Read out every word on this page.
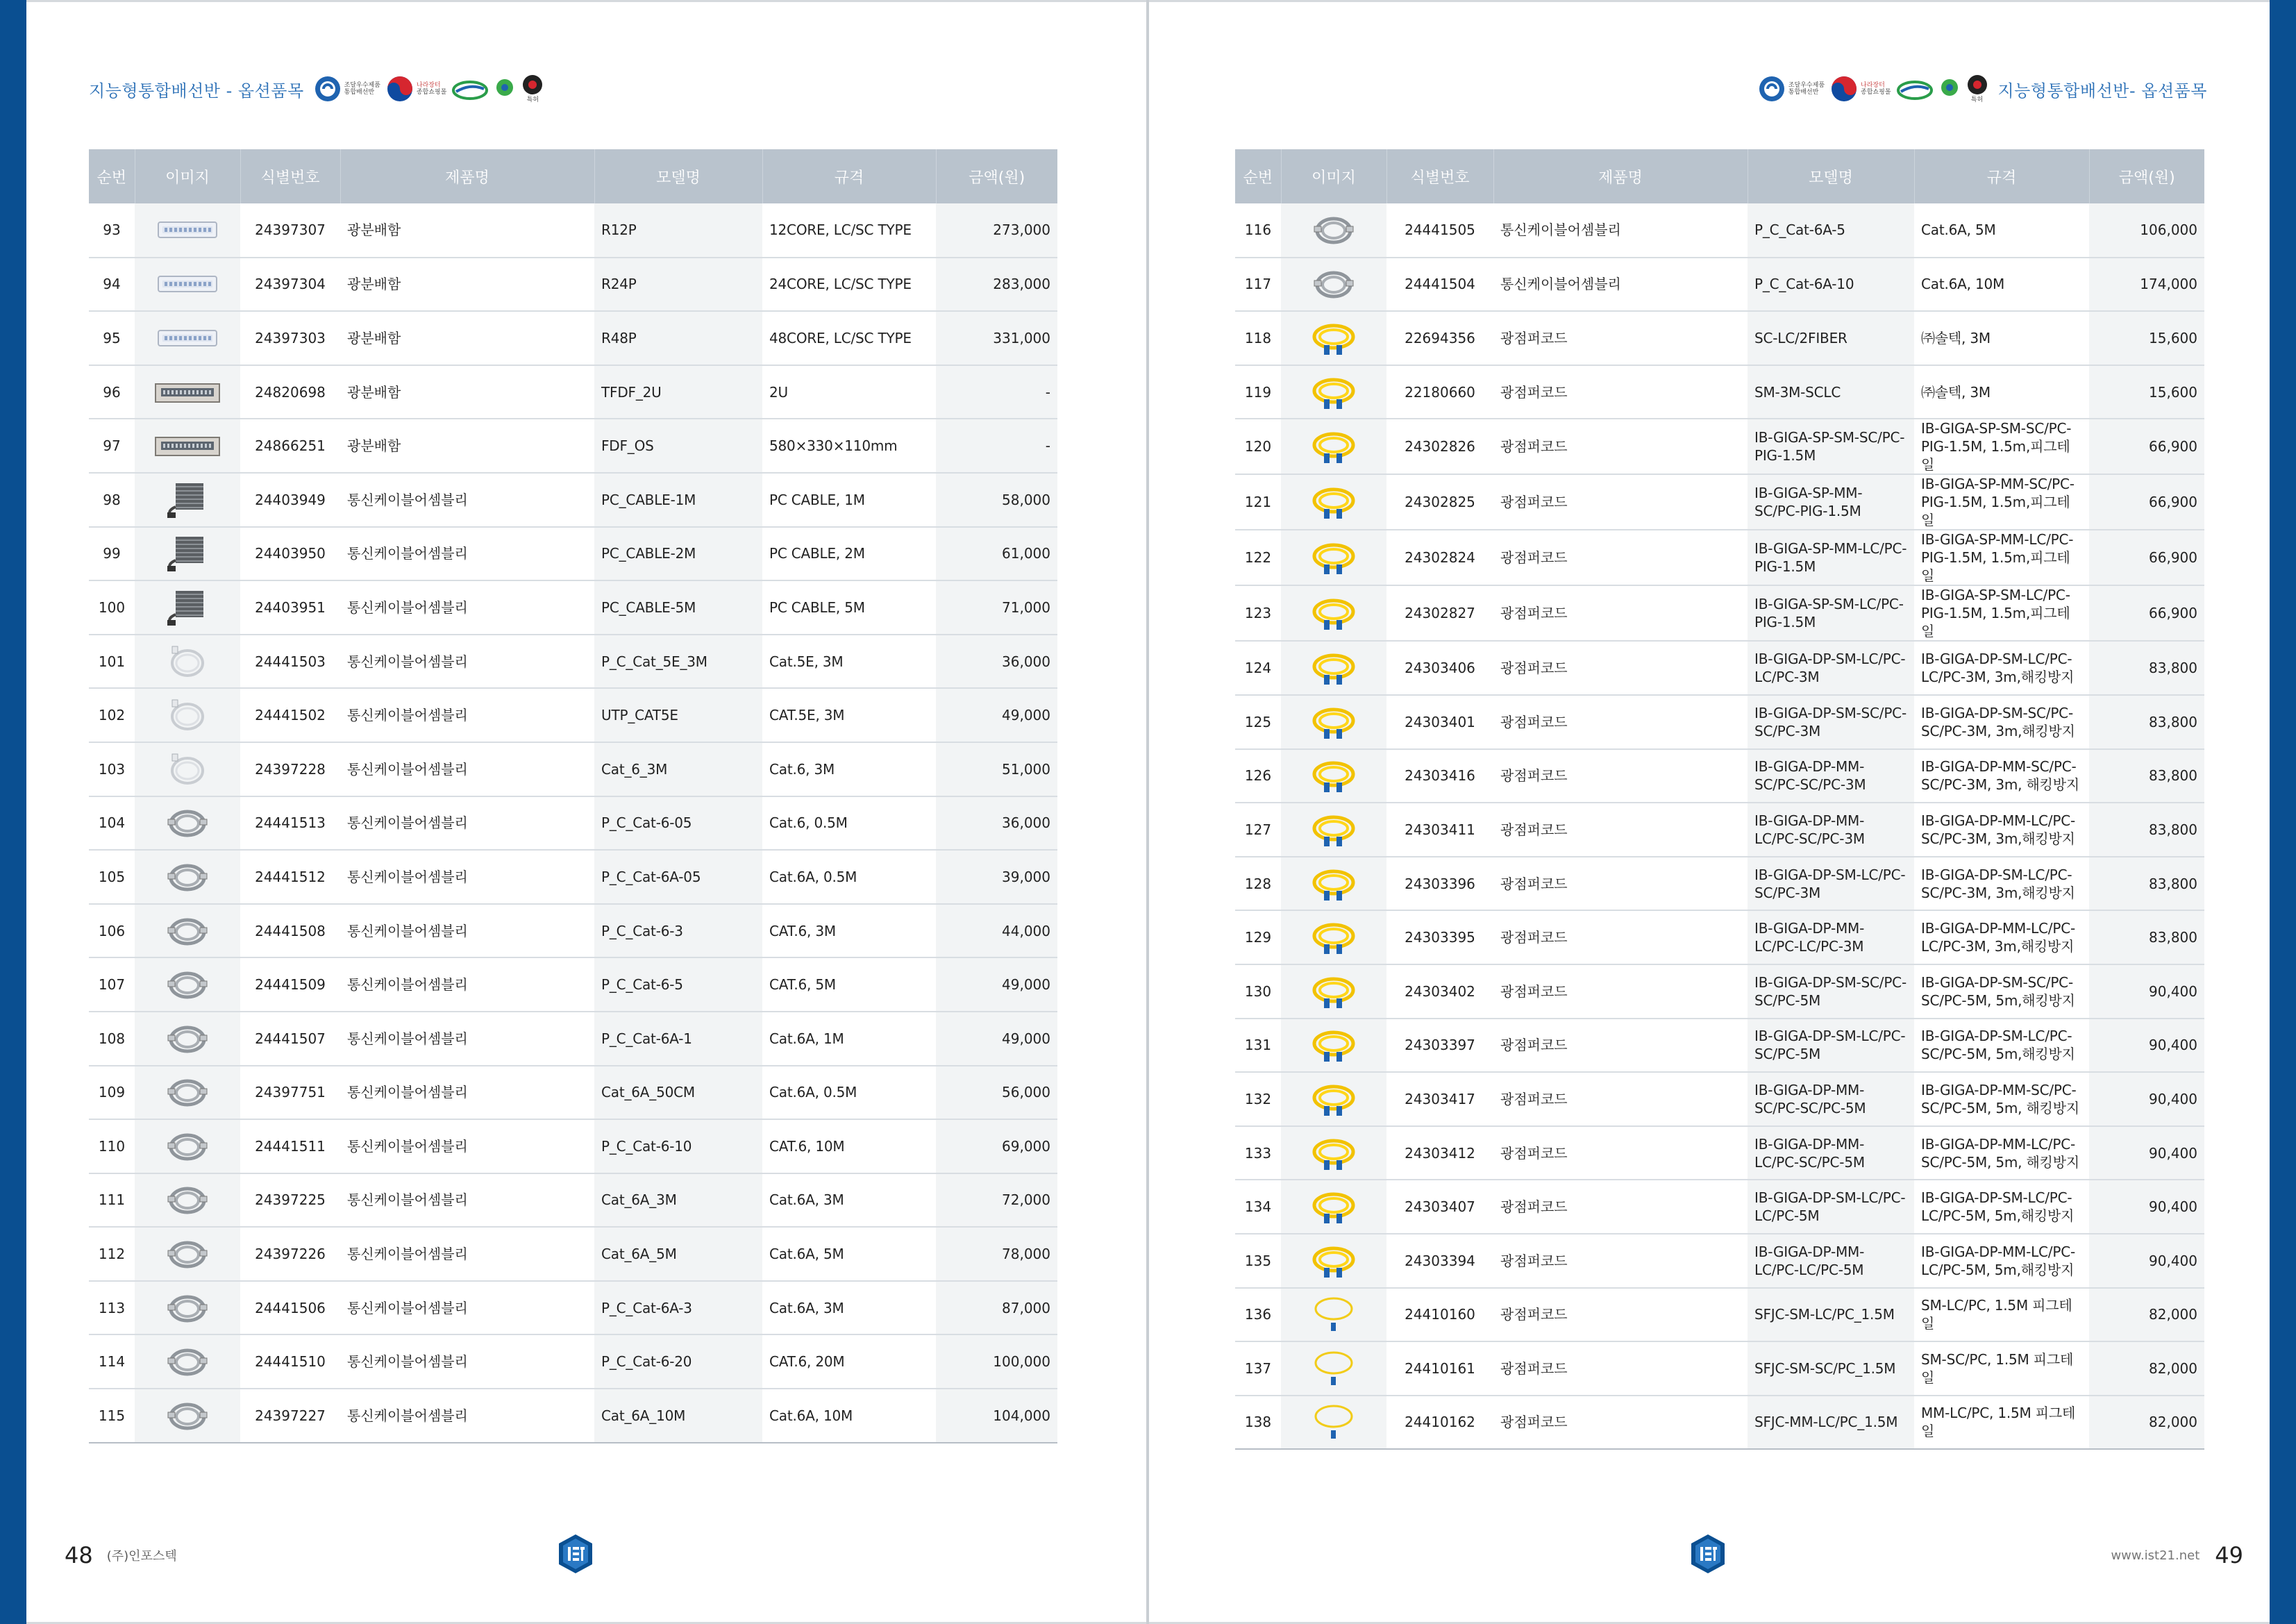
지능형통합배선반 - 옵션품목	조달우수제품
통합배선반
나라장터
종합쇼핑몰
특허
순번	이미지	식별번호	제품명	모델명	규격	금액(원)
93		24397307	광분배함	R12P	12CORE, LC/SC TYPE	273,000
94		24397304	광분배함	R24P	24CORE, LC/SC TYPE	283,000
95		24397303	광분배함	R48P	48CORE, LC/SC TYPE	331,000
96		24820698	광분배함	TFDF_2U	2U	-
97		24866251	광분배함	FDF_OS	580×330×110mm	-
98		24403949	통신케이블어셈블리	PC_CABLE-1M	PC CABLE, 1M	58,000
99		24403950	통신케이블어셈블리	PC_CABLE-2M	PC CABLE, 2M	61,000
100		24403951	통신케이블어셈블리	PC_CABLE-5M	PC CABLE, 5M	71,000
101		24441503	통신케이블어셈블리	P_C_Cat_5E_3M	Cat.5E, 3M	36,000
102		24441502	통신케이블어셈블리	UTP_CAT5E	CAT.5E, 3M	49,000
103		24397228	통신케이블어셈블리	Cat_6_3M	Cat.6, 3M	51,000
104		24441513	통신케이블어셈블리	P_C_Cat-6-05	Cat.6, 0.5M	36,000
105		24441512	통신케이블어셈블리	P_C_Cat-6A-05	Cat.6A, 0.5M	39,000
106		24441508	통신케이블어셈블리	P_C_Cat-6-3	CAT.6, 3M	44,000
107		24441509	통신케이블어셈블리	P_C_Cat-6-5	CAT.6, 5M	49,000
108		24441507	통신케이블어셈블리	P_C_Cat-6A-1	Cat.6A, 1M	49,000
109		24397751	통신케이블어셈블리	Cat_6A_50CM	Cat.6A, 0.5M	56,000
110		24441511	통신케이블어셈블리	P_C_Cat-6-10	CAT.6, 10M	69,000
111		24397225	통신케이블어셈블리	Cat_6A_3M	Cat.6A, 3M	72,000
112		24397226	통신케이블어셈블리	Cat_6A_5M	Cat.6A, 5M	78,000
113		24441506	통신케이블어셈블리	P_C_Cat-6A-3	Cat.6A, 3M	87,000
114		24441510	통신케이블어셈블리	P_C_Cat-6-20	CAT.6, 20M	100,000
115		24397227	통신케이블어셈블리	Cat_6A_10M	Cat.6A, 10M	104,000
48 (주)인포스텍
조달우수제품
통합배선반
나라장터
종합쇼핑몰
특허 지능형통합배선반- 옵션품목
순번	이미지	식별번호	제품명	모델명	규격	금액(원)
116		24441505	통신케이블어셈블리	P_C_Cat-6A-5	Cat.6A, 5M	106,000
117		24441504	통신케이블어셈블리	P_C_Cat-6A-10	Cat.6A, 10M	174,000
118		22694356	광점퍼코드	SC-LC/2FIBER	㈜솔텍, 3M	15,600
119		22180660	광점퍼코드	SM-3M-SCLC	㈜솔텍, 3M	15,600
120		24302826	광점퍼코드	IB-GIGA-SP-SM-SC/PC-PIG-1.5M	IB-GIGA-SP-SM-SC/PC-PIG-1.5M, 1.5m,피그테일	66,900
121		24302825	광점퍼코드	IB-GIGA-SP-MM-SC/PC-PIG-1.5M	IB-GIGA-SP-MM-SC/PC-PIG-1.5M, 1.5m,피그테일	66,900
122		24302824	광점퍼코드	IB-GIGA-SP-MM-LC/PC-PIG-1.5M	IB-GIGA-SP-MM-LC/PC-PIG-1.5M, 1.5m,피그테일	66,900
123		24302827	광점퍼코드	IB-GIGA-SP-SM-LC/PC-PIG-1.5M	IB-GIGA-SP-SM-LC/PC-PIG-1.5M, 1.5m,피그테일	66,900
124		24303406	광점퍼코드	IB-GIGA-DP-SM-LC/PC-LC/PC-3M	IB-GIGA-DP-SM-LC/PC-LC/PC-3M, 3m,해킹방지	83,800
125		24303401	광점퍼코드	IB-GIGA-DP-SM-SC/PC-SC/PC-3M	IB-GIGA-DP-SM-SC/PC-SC/PC-3M, 3m,해킹방지	83,800
126		24303416	광점퍼코드	IB-GIGA-DP-MM-SC/PC-SC/PC-3M	IB-GIGA-DP-MM-SC/PC-SC/PC-3M, 3m, 해킹방지	83,800
127		24303411	광점퍼코드	IB-GIGA-DP-MM-LC/PC-SC/PC-3M	IB-GIGA-DP-MM-LC/PC-SC/PC-3M, 3m,해킹방지	83,800
128		24303396	광점퍼코드	IB-GIGA-DP-SM-LC/PC-SC/PC-3M	IB-GIGA-DP-SM-LC/PC-SC/PC-3M, 3m,해킹방지	83,800
129		24303395	광점퍼코드	IB-GIGA-DP-MM-LC/PC-LC/PC-3M	IB-GIGA-DP-MM-LC/PC-LC/PC-3M, 3m,해킹방지	83,800
130		24303402	광점퍼코드	IB-GIGA-DP-SM-SC/PC-SC/PC-5M	IB-GIGA-DP-SM-SC/PC-SC/PC-5M, 5m,해킹방지	90,400
131		24303397	광점퍼코드	IB-GIGA-DP-SM-LC/PC-SC/PC-5M	IB-GIGA-DP-SM-LC/PC-SC/PC-5M, 5m,해킹방지	90,400
132		24303417	광점퍼코드	IB-GIGA-DP-MM-SC/PC-SC/PC-5M	IB-GIGA-DP-MM-SC/PC-SC/PC-5M, 5m, 해킹방지	90,400
133		24303412	광점퍼코드	IB-GIGA-DP-MM-LC/PC-SC/PC-5M	IB-GIGA-DP-MM-LC/PC-SC/PC-5M, 5m, 해킹방지	90,400
134		24303407	광점퍼코드	IB-GIGA-DP-SM-LC/PC-LC/PC-5M	IB-GIGA-DP-SM-LC/PC-LC/PC-5M, 5m,해킹방지	90,400
135		24303394	광점퍼코드	IB-GIGA-DP-MM-LC/PC-LC/PC-5M	IB-GIGA-DP-MM-LC/PC-LC/PC-5M, 5m,해킹방지	90,400
136		24410160	광점퍼코드	SFJC-SM-LC/PC_1.5M	SM-LC/PC, 1.5M 피그테일	82,000
137		24410161	광점퍼코드	SFJC-SM-SC/PC_1.5M	SM-SC/PC, 1.5M 피그테일	82,000
138		24410162	광점퍼코드	SFJC-MM-LC/PC_1.5M	MM-LC/PC, 1.5M 피그테일	82,000
www.ist21.net 49
